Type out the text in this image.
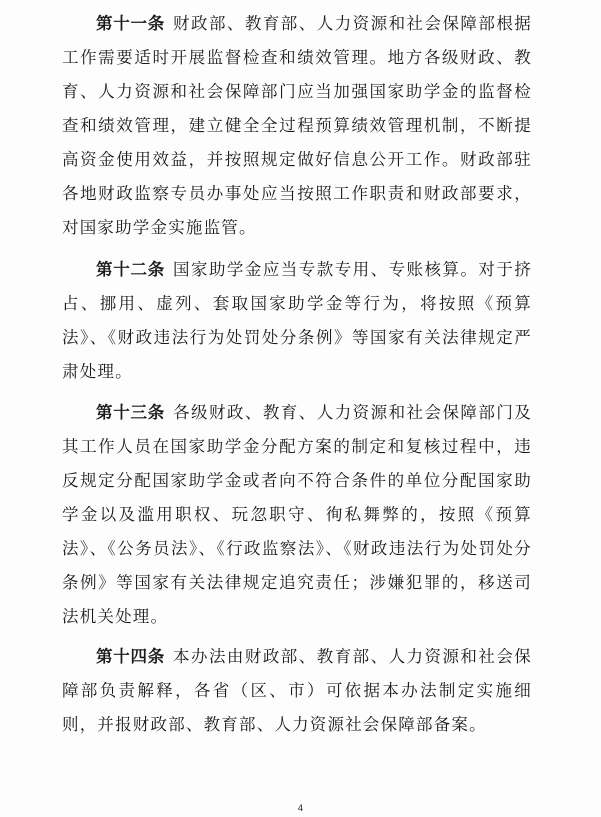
第十一条 财政部、教育部、人力资源和社会保障部根据工作需要适时开展监督检查和绩效管理。地方各级财政、教育、人力资源和社会保障部门应当加强国家助学金的监督检查和绩效管理，建立健全全过程预算绩效管理机制，不断提高资金使用效益，并按照规定做好信息公开工作。财政部驻各地财政监察专员办事处应当按照工作职责和财政部要求，对国家助学金实施监管。

第十二条 国家助学金应当专款专用、专账核算。对于挤占、挪用、虚列、套取国家助学金等行为，将按照《预算法》、《财政违法行为处罚处分条例》等国家有关法律规定严肃处理。

第十三条 各级财政、教育、人力资源和社会保障部门及其工作人员在国家助学金分配方案的制定和复核过程中，违反规定分配国家助学金或者向不符合条件的单位分配国家助学金以及滥用职权、玩忽职守、徇私舞弊的，按照《预算法》、《公务员法》、《行政监察法》、《财政违法行为处罚处分条例》等国家有关法律规定追究责任；涉嫌犯罪的，移送司法机关处理。

第十四条 本办法由财政部、教育部、人力资源和社会保障部负责解释，各省（区、市）可依据本办法制定实施细则，并报财政部、教育部、人力资源社会保障部备案。

4
